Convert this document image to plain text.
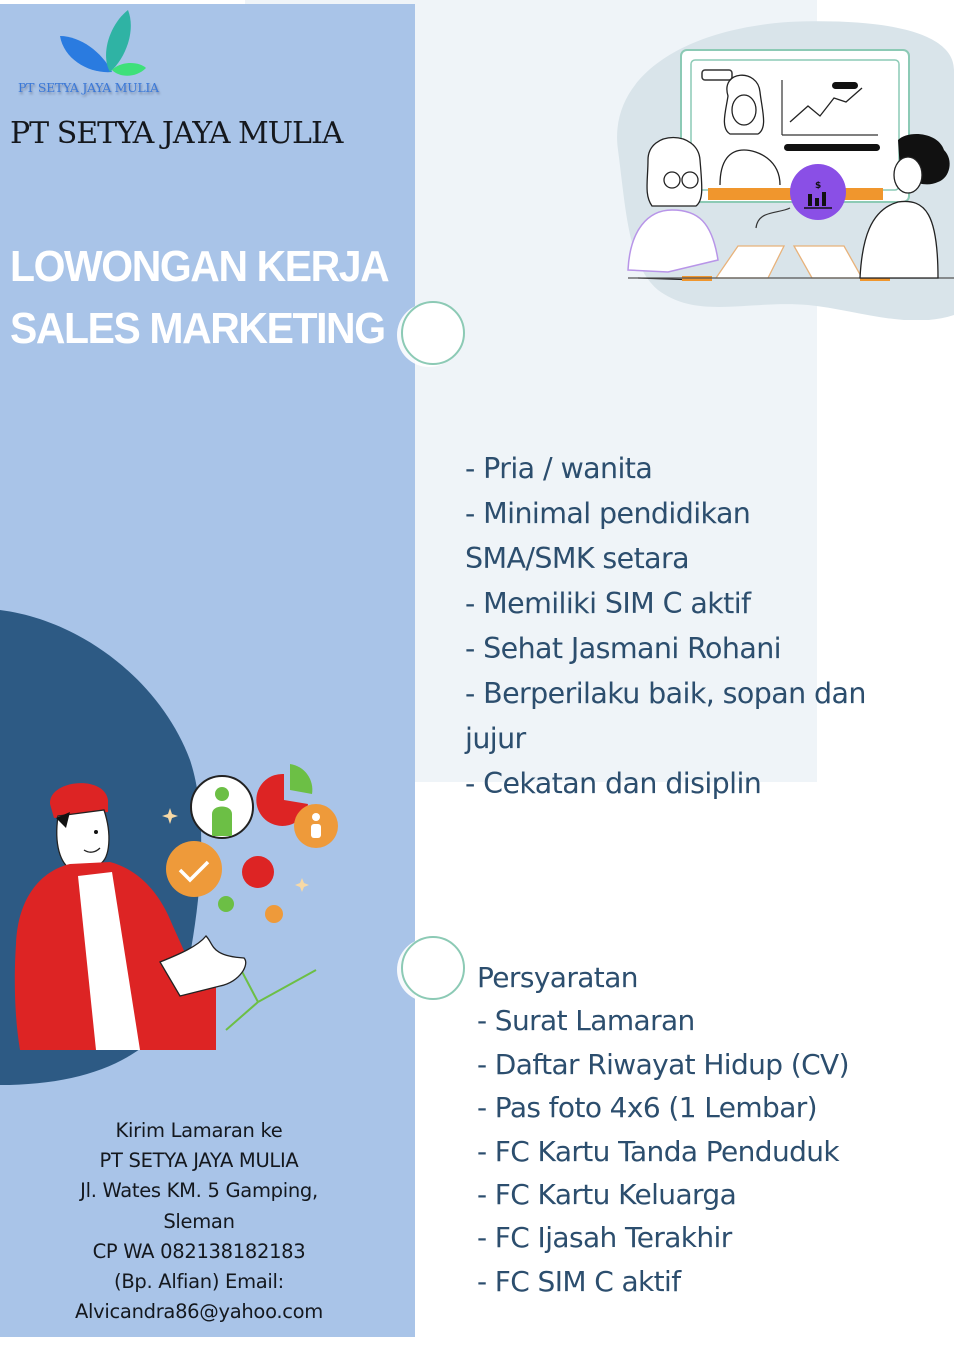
$
PT SETYA JAYA MULIA
PT SETYA JAYA MULIA
LOWONGAN KERJA
SALES MARKETING
Kirim Lamaran ke
PT SETYA JAYA MULIA
Jl. Wates KM. 5 Gamping,
Sleman
CP WA 082138182183
(Bp. Alfian) Email:
Alvicandra86@yahoo.com
- Pria / wanita
- Minimal pendidikan
SMA/SMK setara
- Memiliki SIM C aktif
- Sehat Jasmani Rohani
- Berperilaku baik, sopan dan
jujur
- Cekatan dan disiplin
Persyaratan
- Surat Lamaran
- Daftar Riwayat Hidup (CV)
- Pas foto 4x6 (1 Lembar)
- FC Kartu Tanda Penduduk
- FC Kartu Keluarga
- FC Ijasah Terakhir
- FC SIM C aktif
